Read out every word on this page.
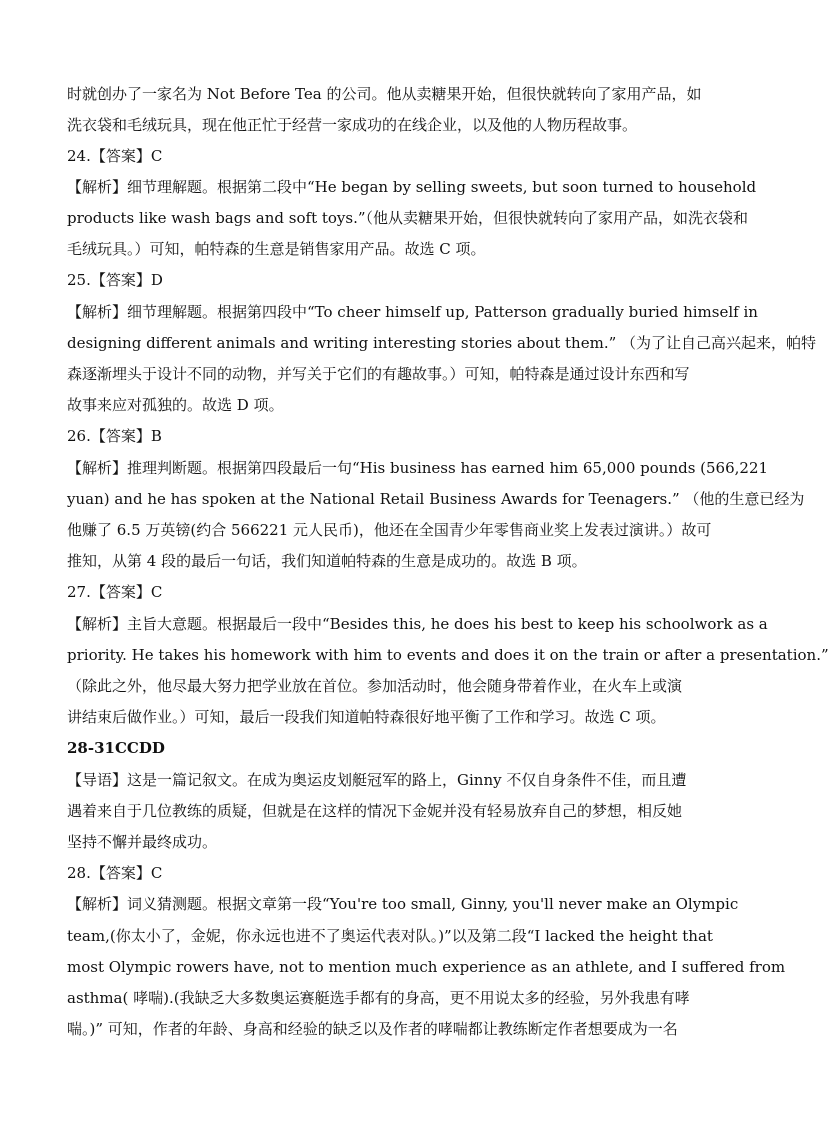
时就创办了一家名为 Not Before Tea 的公司。他从卖糖果开始，但很快就转向了家用产品，如
洗衣袋和毛绒玩具，现在他正忙于经营一家成功的在线企业，以及他的人物历程故事。
24.【答案】C
【解析】细节理解题。根据第二段中“He began by selling sweets, but soon turned to household
products like wash bags and soft toys.”（他从卖糖果开始，但很快就转向了家用产品，如洗衣袋和
毛绒玩具。）可知，帕特森的生意是销售家用产品。故选 C 项。
25.【答案】D
【解析】细节理解题。根据第四段中“To cheer himself up, Patterson gradually buried himself in
designing different animals and writing interesting stories about them.” （为了让自己高兴起来，帕特
森逐渐埋头于设计不同的动物，并写关于它们的有趣故事。）可知，帕特森是通过设计东西和写
故事来应对孤独的。故选 D 项。
26.【答案】B
【解析】推理判断题。根据第四段最后一句“His business has earned him 65,000 pounds (566,221
yuan) and he has spoken at the National Retail Business Awards for Teenagers.” （他的生意已经为
他赚了 6.5 万英镑(约合 566221 元人民币)，他还在全国青少年零售商业奖上发表过演讲。）故可
推知，从第 4 段的最后一句话，我们知道帕特森的生意是成功的。故选 B 项。
27.【答案】C
【解析】主旨大意题。根据最后一段中“Besides this, he does his best to keep his schoolwork as a
priority. He takes his homework with him to events and does it on the train or after a presentation.”
（除此之外，他尽最大努力把学业放在首位。参加活动时，他会随身带着作业，在火车上或演
讲结束后做作业。）可知，最后一段我们知道帕特森很好地平衡了工作和学习。故选 C 项。
28-31CCDD
【导语】这是一篇记叙文。在成为奥运皮划艇冠军的路上，Ginny 不仅自身条件不佳，而且遭
遇着来自于几位教练的质疑，但就是在这样的情况下金妮并没有轻易放弃自己的梦想，相反她
坚持不懈并最终成功。
28.【答案】C
【解析】词义猜测题。根据文章第一段“You're too small, Ginny, you'll never make an Olympic
team,(你太小了，金妮，你永远也进不了奥运代表对队。)”以及第二段“I lacked the height that
most Olympic rowers have, not to mention much experience as an athlete, and I suffered from
asthma( 哮喘).(我缺乏大多数奥运赛艇选手都有的身高，更不用说太多的经验，另外我患有哮
喘。)” 可知，作者的年龄、身高和经验的缺乏以及作者的哮喘都让教练断定作者想要成为一名
